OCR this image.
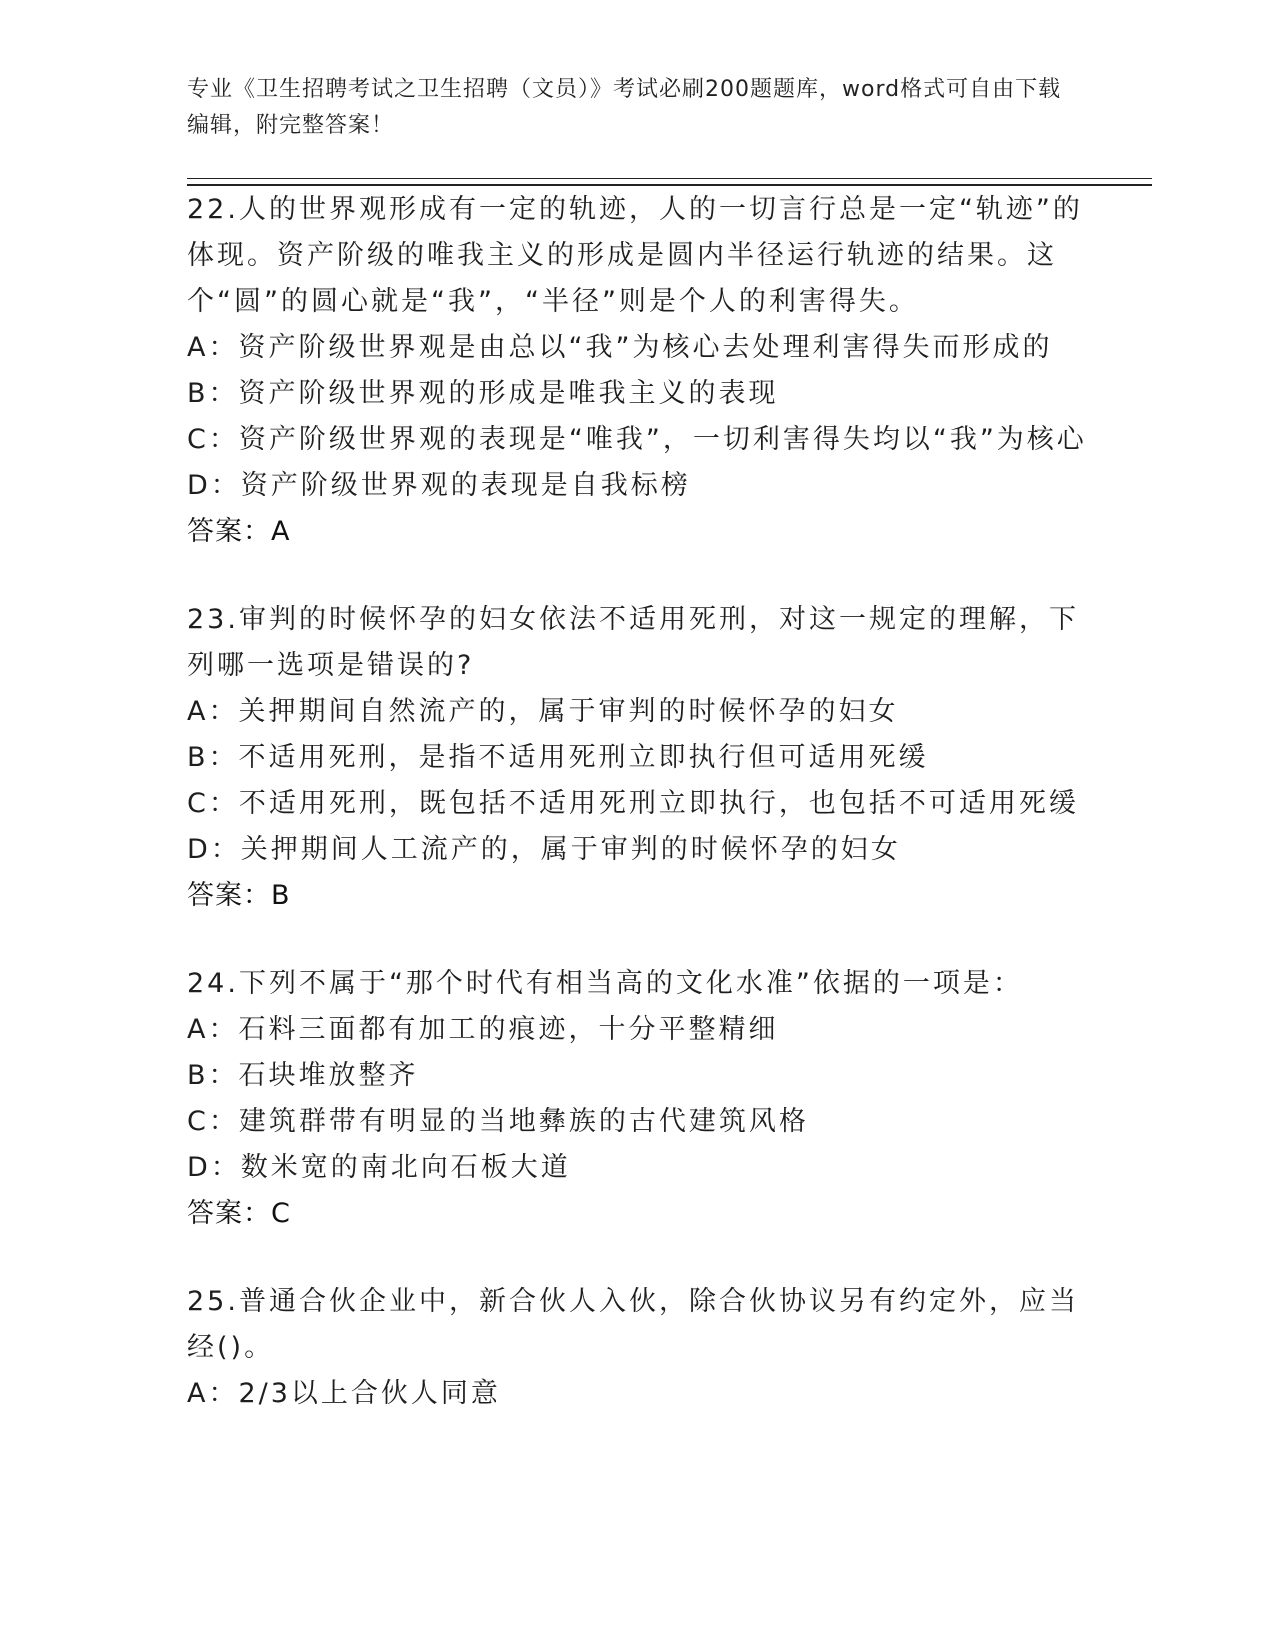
专业《卫生招聘考试之卫生招聘（文员）》考试必刷200题题库，word格式可自由下载编辑，附完整答案！
22.人的世界观形成有一定的轨迹，人的一切言行总是一定“轨迹”的体现。资产阶级的唯我主义的形成是圆内半径运行轨迹的结果。这个“圆”的圆心就是“我”，“半径”则是个人的利害得失。
A：资产阶级世界观是由总以“我”为核心去处理利害得失而形成的
B：资产阶级世界观的形成是唯我主义的表现
C：资产阶级世界观的表现是“唯我”，一切利害得失均以“我”为核心
D：资产阶级世界观的表现是自我标榜
答案：A
23.审判的时候怀孕的妇女依法不适用死刑，对这一规定的理解，下列哪一选项是错误的?
A：关押期间自然流产的，属于审判的时候怀孕的妇女
B：不适用死刑，是指不适用死刑立即执行但可适用死缓
C：不适用死刑，既包括不适用死刑立即执行，也包括不可适用死缓
D：关押期间人工流产的，属于审判的时候怀孕的妇女
答案：B
24.下列不属于“那个时代有相当高的文化水准”依据的一项是：
A：石料三面都有加工的痕迹，十分平整精细
B：石块堆放整齐
C：建筑群带有明显的当地彝族的古代建筑风格
D：数米宽的南北向石板大道
答案：C
25.普通合伙企业中，新合伙人入伙，除合伙协议另有约定外，应当经()。
A：2/3以上合伙人同意
